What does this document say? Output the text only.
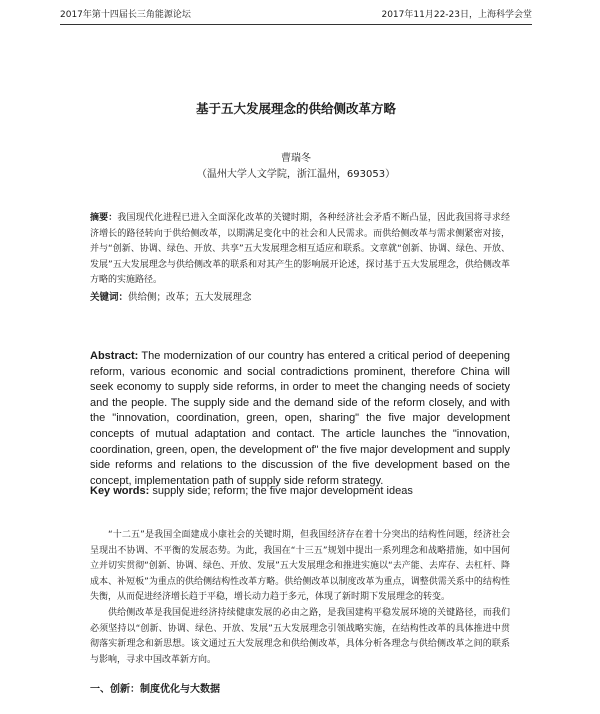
2017年第十四届长三角能源论坛	2017年11月22-23日，上海科学会堂
基于五大发展理念的供给侧改革方略
曹瑞冬
（温州大学人文学院，浙江温州，693053）
摘要：我国现代化进程已进入全面深化改革的关键时期，各种经济社会矛盾不断凸显，因此我国将寻求经济增长的路径转向于供给侧改革，以期满足变化中的社会和人民需求。而供给侧改革与需求侧紧密对接，并与“创新、协调、绿色、开放、共享”五大发展理念相互适应和联系。文章就“创新、协调、绿色、开放、发展”五大发展理念与供给侧改革的联系和对其产生的影响展开论述，探讨基于五大发展理念，供给侧改革方略的实施路径。
关键词：供给侧；改革；五大发展理念
Abstract: The modernization of our country has entered a critical period of deepening reform, various economic and social contradictions prominent, therefore China will seek economy to supply side reforms, in order to meet the changing needs of society and the people. The supply side and the demand side of the reform closely, and with the "innovation, coordination, green, open, sharing" the five major development concepts of mutual adaptation and contact. The article launches the "innovation, coordination, green, open, the development of" the five major development and supply side reforms and relations to the discussion of the five development based on the concept, implementation path of supply side reform strategy.
Key words: supply side; reform; the five major development ideas

“十二五”是我国全面建成小康社会的关键时期，但我国经济存在着十分突出的结构性问题，经济社会呈现出不协调、不平衡的发展态势。为此，我国在“十三五”规划中提出一系列理念和战略措施，如中国何立并切实贯彻“创新、协调、绿色、开放、发展”五大发展理念和推进实施以“去产能、去库存、去杠杆、降成本、补短板”为重点的供给侧结构性改革方略。供给侧改革以制度改革为重点，调整供需关系中的结构性失衡，从而促进经济增长趋于平稳，增长动力趋于多元，体现了新时期下发展理念的转变。

供给侧改革是我国促进经济持续健康发展的必由之路，是我国建构平稳发展环境的关键路径，而我们必须坚持以“创新、协调、绿色、开放、发展”五大发展理念引领战略实施，在结构性改革的具体推进中贯彻落实新理念和新思想。该文通过五大发展理念和供给侧改革，具体分析各理念与供给侧改革之间的联系与影响，寻求中国改革新方向。

一、创新：制度优化与大数据
